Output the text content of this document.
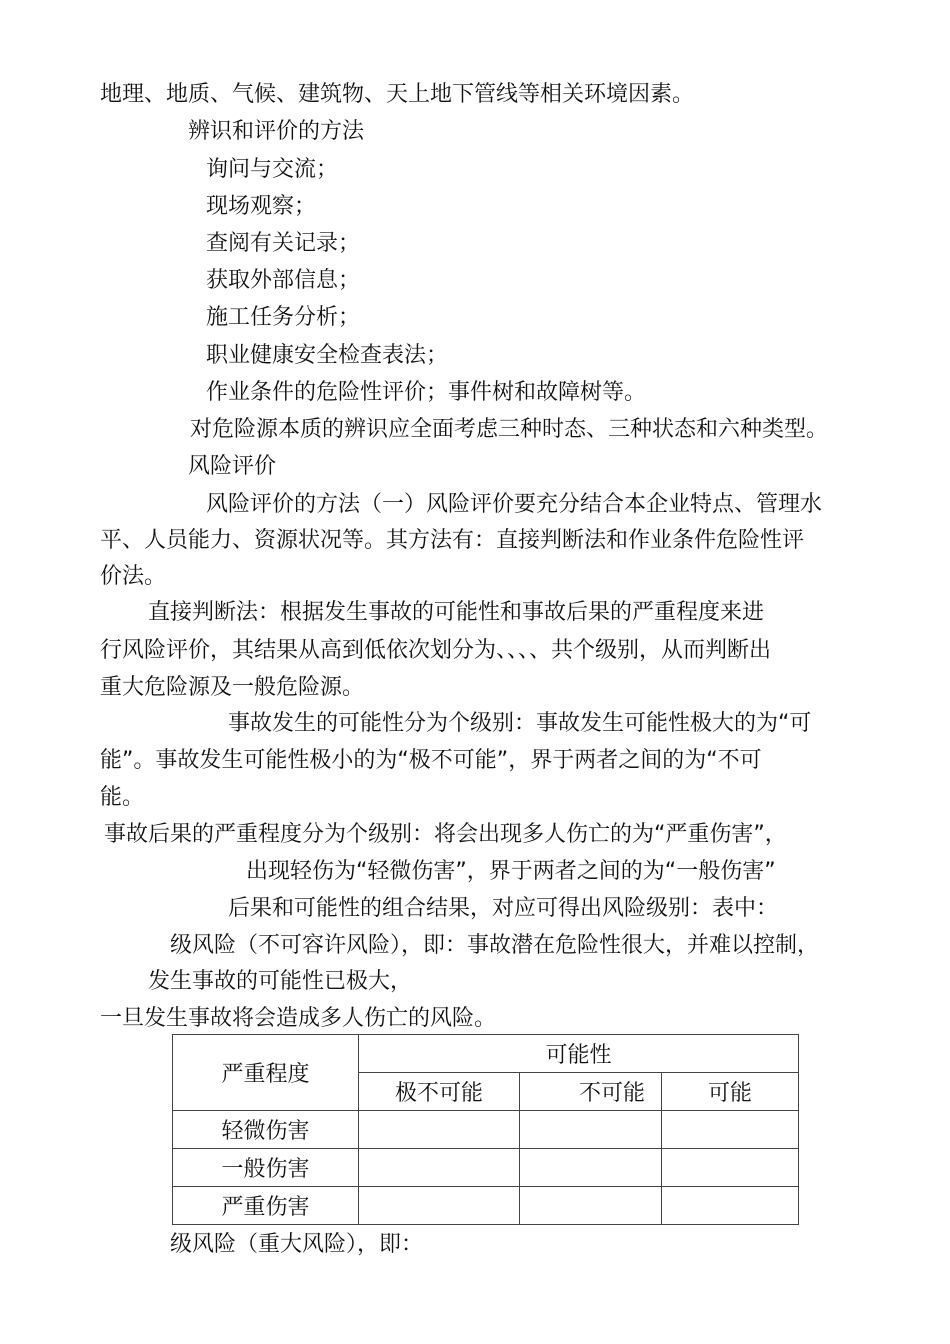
地理、地质、气候、建筑物、天上地下管线等相关环境因素。
辨识和评价的方法
询问与交流；
现场观察；
查阅有关记录；
获取外部信息；
施工任务分析；
职业健康安全检查表法；
作业条件的危险性评价；事件树和故障树等。
对危险源本质的辨识应全面考虑三种时态、三种状态和六种类型。
风险评价
风险评价的方法（一）风险评价要充分结合本企业特点、管理水
平、人员能力、资源状况等。其方法有：直接判断法和作业条件危险性评
价法。
直接判断法：根据发生事故的可能性和事故后果的严重程度来进
行风险评价，其结果从高到低依次划分为、、、、共个级别，从而判断出
重大危险源及一般危险源。
事故发生的可能性分为个级别：事故发生可能性极大的为“可
能”。事故发生可能性极小的为“极不可能”，界于两者之间的为“不可
能。
事故后果的严重程度分为个级别：将会出现多人伤亡的为“严重伤害”，
出现轻伤为“轻微伤害”，界于两者之间的为“一般伤害”
后果和可能性的组合结果，对应可得出风险级别：表中：
级风险（不可容许风险），即：事故潜在危险性很大，并难以控制，
发生事故的可能性已极大，
一旦发生事故将会造成多人伤亡的风险。
严重程度	可能性		
	极不可能	不可能	可能
轻微伤害			
一般伤害			
严重伤害			
级风险（重大风险），即：
